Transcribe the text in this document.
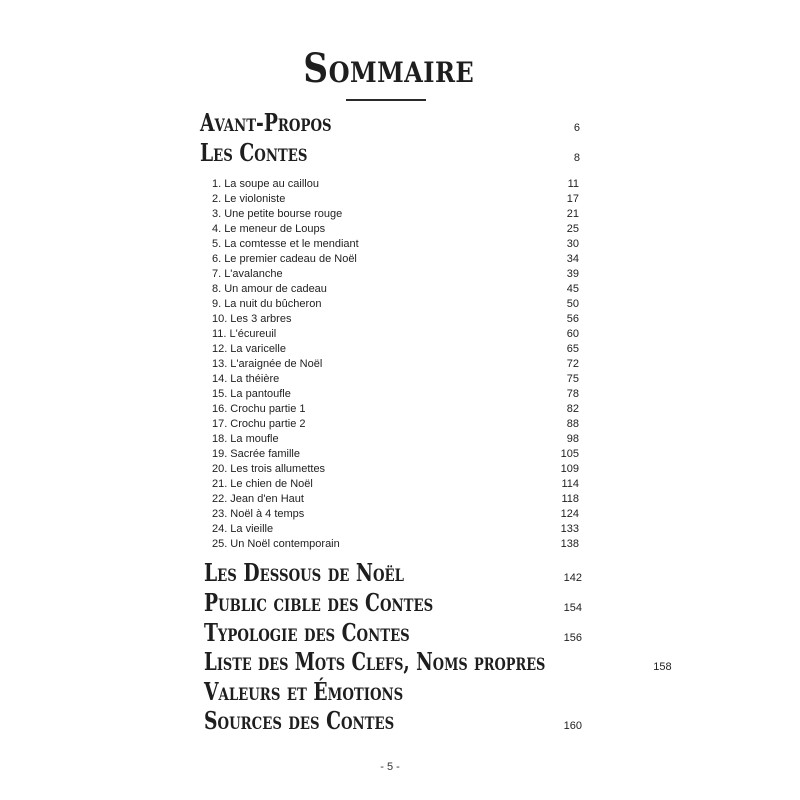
Sommaire
Avant-Propos	6
Les Contes	8
1. La soupe au caillou	11
2. Le violoniste	17
3. Une petite bourse rouge	21
4. Le meneur de Loups	25
5. La comtesse et le mendiant	30
6. Le premier cadeau de Noël	34
7. L'avalanche	39
8. Un amour de cadeau	45
9. La nuit du bûcheron	50
10. Les 3 arbres	56
11. L'écureuil	60
12. La varicelle	65
13. L'araignée de Noël	72
14. La théière	75
15. La pantoufle	78
16. Crochu partie 1	82
17. Crochu partie 2	88
18. La moufle	98
19. Sacrée famille	105
20. Les trois allumettes	109
21. Le chien de Noël	114
22. Jean d'en Haut	118
23. Noël à 4 temps	124
24. La vieille	133
25. Un Noël contemporain	138
Les Dessous de Noël	142
Public cible des Contes	154
Typologie des Contes	156
Liste des Mots Clefs, Noms propres	158
Valeurs et Émotions
Sources des Contes	160
- 5 -
